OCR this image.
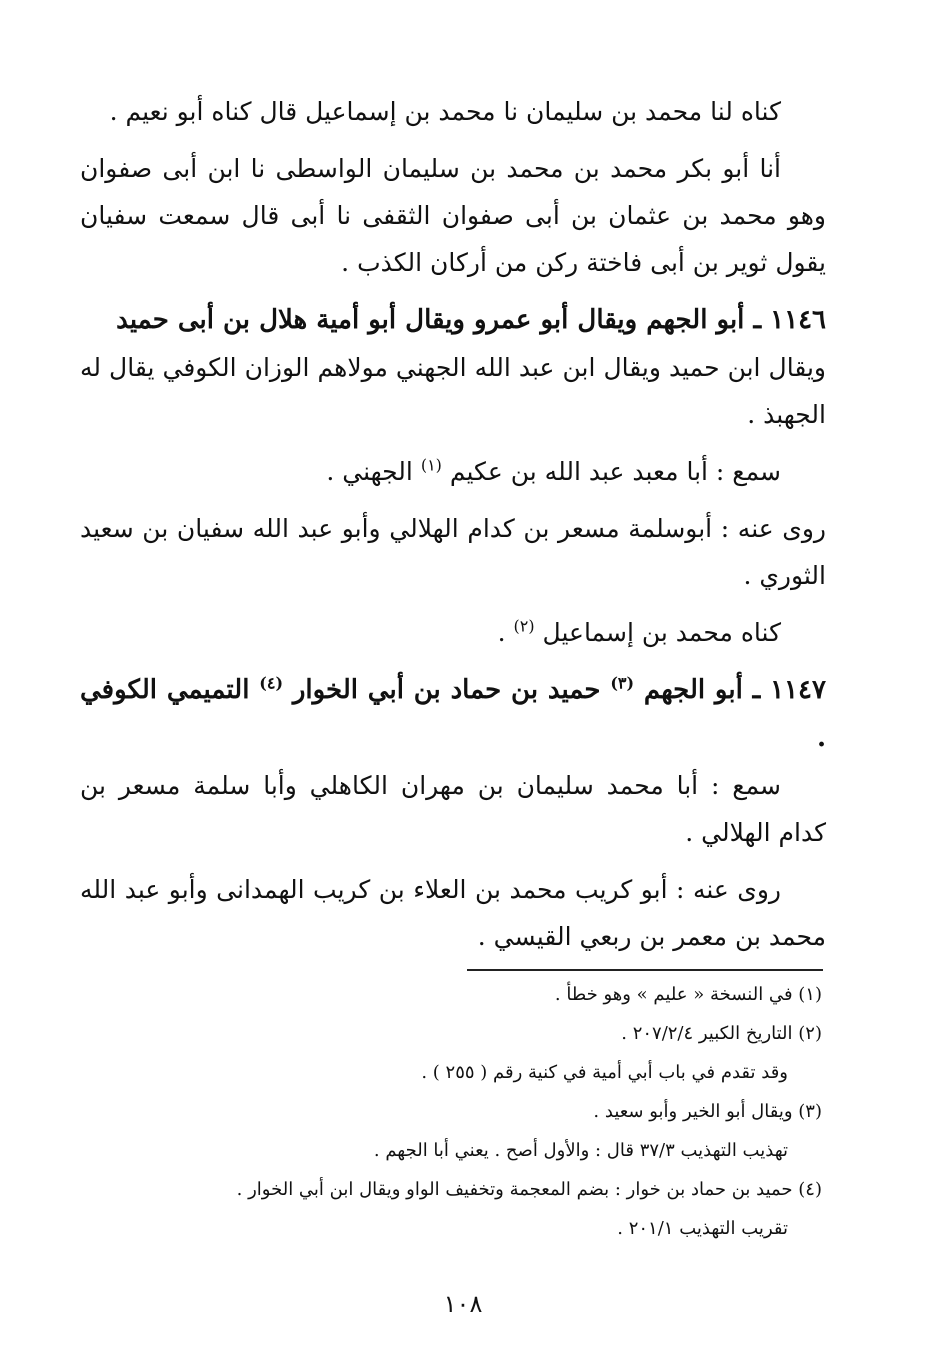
كناه لنا محمد بن سليمان نا محمد بن إسماعيل قال كناه أبو نعيم .

أنا أبو بكر محمد بن محمد بن سليمان الواسطى نا ابن أبى صفوان وهو محمد بن عثمان بن أبى صفوان الثقفى نا أبى قال سمعت سفيان يقول ثوير بن أبى فاختة ركن من أركان الكذب .

١١٤٦ ـ أبو الجهم ويقال أبو عمرو ويقال أبو أمية هلال بن أبى حميد

ويقال ابن حميد ويقال ابن عبد الله الجهني مولاهم الوزان الكوفي يقال له الجهبذ .

سمع : أبا معبد عبد الله بن عكيم $^{(١)}$ الجهني .

روى عنه : أبوسلمة مسعر بن كدام الهلالي وأبو عبد الله سفيان بن سعيد الثوري .

كناه محمد بن إسماعيل $^{(٢)}$ .

١١٤٧ ـ أبو الجهم $^{(٣)}$ حميد بن حماد بن أبي الخوار $^{(٤)}$ التميمي الكوفي .

سمع : أبا محمد سليمان بن مهران الكاهلي وأبا سلمة مسعر بن كدام الهلالي .

روى عنه : أبو كريب محمد بن العلاء بن كريب الهمدانى وأبو عبد الله محمد بن معمر بن ربعي القيسي .

(١) في النسخة « عليم » وهو خطأ .

(٢) التاريخ الكبير ٢٠٧/٢/٤ .

وقد تقدم في باب أبي أمية في كنية رقم ( ٢٥٥ ) .

(٣) ويقال أبو الخير وأبو سعيد .

تهذيب التهذيب ٣٧/٣ قال : والأول أصح . يعني أبا الجهم .

(٤) حميد بن حماد بن خوار : بضم المعجمة وتخفيف الواو ويقال ابن أبي الخوار .

تقريب التهذيب ٢٠١/١ .

١٠٨
